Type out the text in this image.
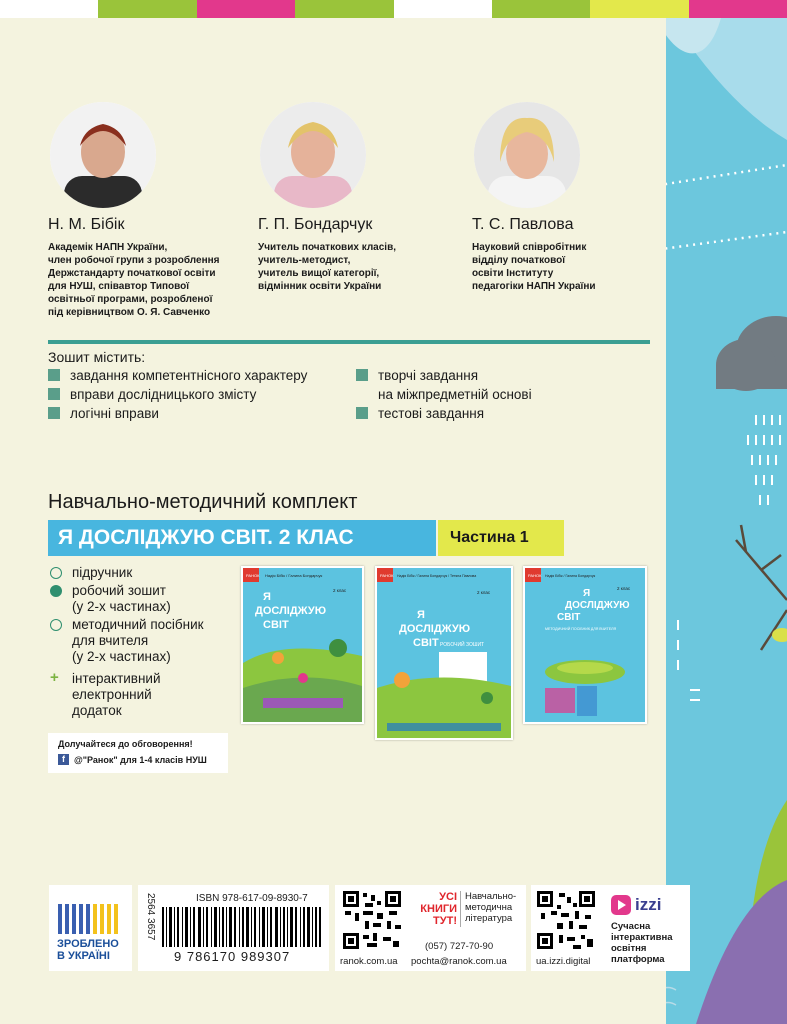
Н. М. Бібік
Академік НАПН України,
член робочої групи з розроблення
Держстандарту початкової освіти
для НУШ, співавтор Типової
освітньої програми, розробленої
під керівництвом О. Я. Савченко
Г. П. Бондарчук
Учитель початкових класів,
учитель-методист,
учитель вищої категорії,
відмінник освіти України
Т. С. Павлова
Науковий співробітник
відділу початкової
освіти Інституту
педагогіки НАПН України
Зошит містить:
завдання компетентнісного характеру
вправи дослідницького змісту
логічні вправи
творчі завдання
на міжпредметній основі
тестові завдання
Навчально-методичний комплект
Я ДОСЛІДЖУЮ СВІТ. 2 КЛАС	Частина 1
підручник
робочий зошит
(у 2-х частинах)
методичний посібник
для вчителя
(у 2-х частинах)
+ інтерактивний
електронний
додаток
Долучайтеся до обговорення!
f	@"Ранок" для 1-4 класів НУШ
РАНОК Надія Бібік / Галина Бондарчук
Я
ДОСЛІДЖУЮ
СВІТ
2 клас
РАНОК Надія Бібік / Галина Бондарчук / Тетяна Павлова
Я
ДОСЛІДЖУЮ
СВІТ РОБОЧИЙ ЗОШИТ
2 клас
РАНОК Надія Бібік / Галина Бондарчук
Я
ДОСЛІДЖУЮ
СВІТ
МЕТОДИЧНИЙ ПОСІБНИК ДЛЯ ВЧИТЕЛЯ
2 клас
ЗРОБЛЕНО
В УКРАЇНІ
ISBN 978-617-09-8930-7
9 786170 989307
2564 3657
ranok.com.ua
УСІ
КНИГИ
ТУТ!
Навчально-
методична
література
(057) 727-70-90
pochta@ranok.com.ua	ua.izzi.digital
izzi
Сучасна
інтерактивна
освітня
платформа
